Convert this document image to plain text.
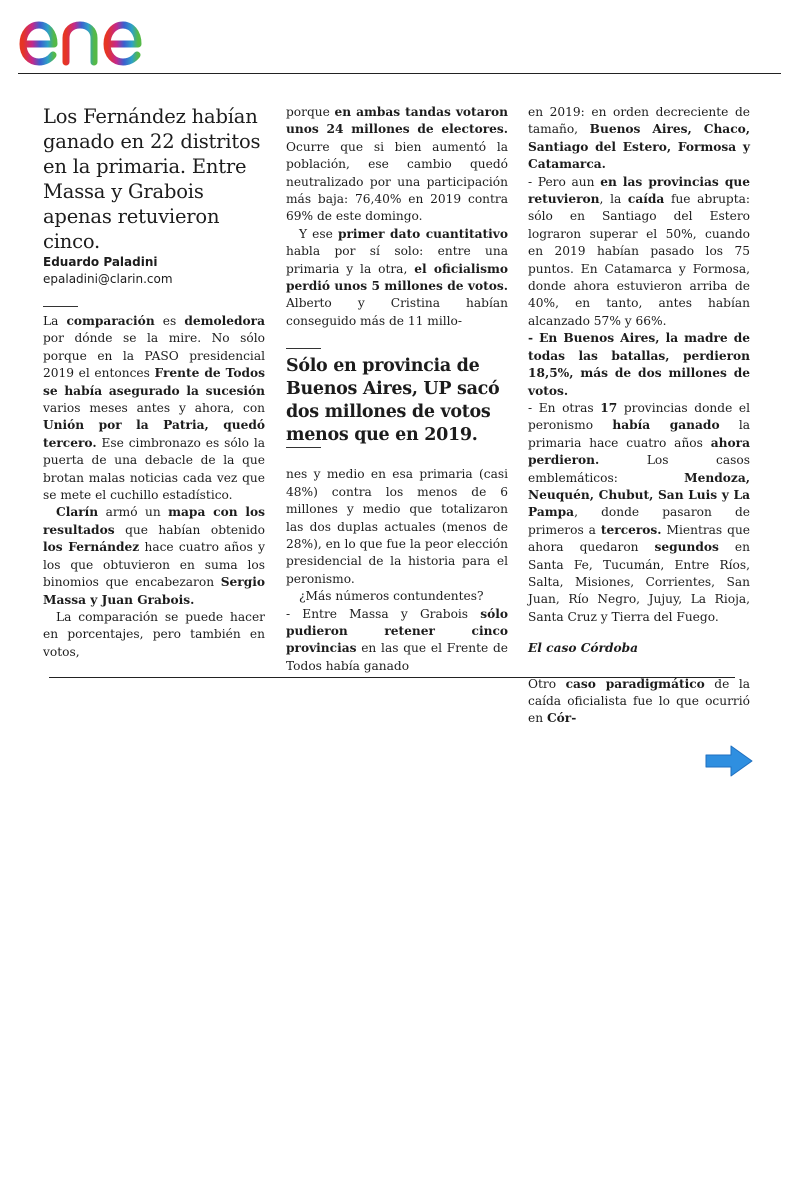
enel

Los Fernández habían ganado en 22 distritos en la primaria. Entre Massa y Grabois apenas retuvieron cinco.

Eduardo Paladini
epaladini@clarin.com

La comparación es demoledora por dónde se la mire. No sólo porque en la PASO presidencial 2019 el entonces Frente de Todos se había asegurado la sucesión varios meses antes y ahora, con Unión por la Patria, quedó tercero. Ese cimbronazo es sólo la puerta de una debacle de la que brotan malas noticias cada vez que se mete el cuchillo estadístico.

Clarín armó un mapa con los resultados que habían obtenido los Fernández hace cuatro años y los que obtuvieron en suma los binomios que encabezaron Sergio Massa y Juan Grabois.

La comparación se puede hacer en porcentajes, pero también en votos,

porque en ambas tandas votaron unos 24 millones de electores. Ocurre que si bien aumentó la población, ese cambio quedó neutralizado por una participación más baja: 76,40% en 2019 contra 69% de este domingo.

Y ese primer dato cuantitativo habla por sí solo: entre una primaria y la otra, el oficialismo perdió unos 5 millones de votos. Alberto y Cristina habían conseguido más de 11 millo-

Sólo en provincia de Buenos Aires, UP sacó dos millones de votos menos que en 2019.

nes y medio en esa primaria (casi 48%) contra los menos de 6 millones y medio que totalizaron las dos duplas actuales (menos de 28%), en lo que fue la peor elección presidencial de la historia para el peronismo.

¿Más números contundentes?

- Entre Massa y Grabois sólo pudieron retener cinco provincias en las que el Frente de Todos había ganado

en 2019: en orden decreciente de tamaño, Buenos Aires, Chaco, Santiago del Estero, Formosa y Catamarca.

- Pero aun en las provincias que retuvieron, la caída fue abrupta: sólo en Santiago del Estero lograron superar el 50%, cuando en 2019 habían pasado los 75 puntos. En Catamarca y Formosa, donde ahora estuvieron arriba de 40%, en tanto, antes habían alcanzado 57% y 66%.

- En Buenos Aires, la madre de todas las batallas, perdieron 18,5%, más de dos millones de votos.

- En otras 17 provincias donde el peronismo había ganado la primaria hace cuatro años ahora perdieron. Los casos emblemáticos: Mendoza, Neuquén, Chubut, San Luis y La Pampa, donde pasaron de primeros a terceros. Mientras que ahora quedaron segundos en Santa Fe, Tucumán, Entre Ríos, Salta, Misiones, Corrientes, San Juan, Río Negro, Jujuy, La Rioja, Santa Cruz y Tierra del Fuego.

El caso Córdoba

Otro caso paradigmático de la caída oficialista fue lo que ocurrió en Cór-
